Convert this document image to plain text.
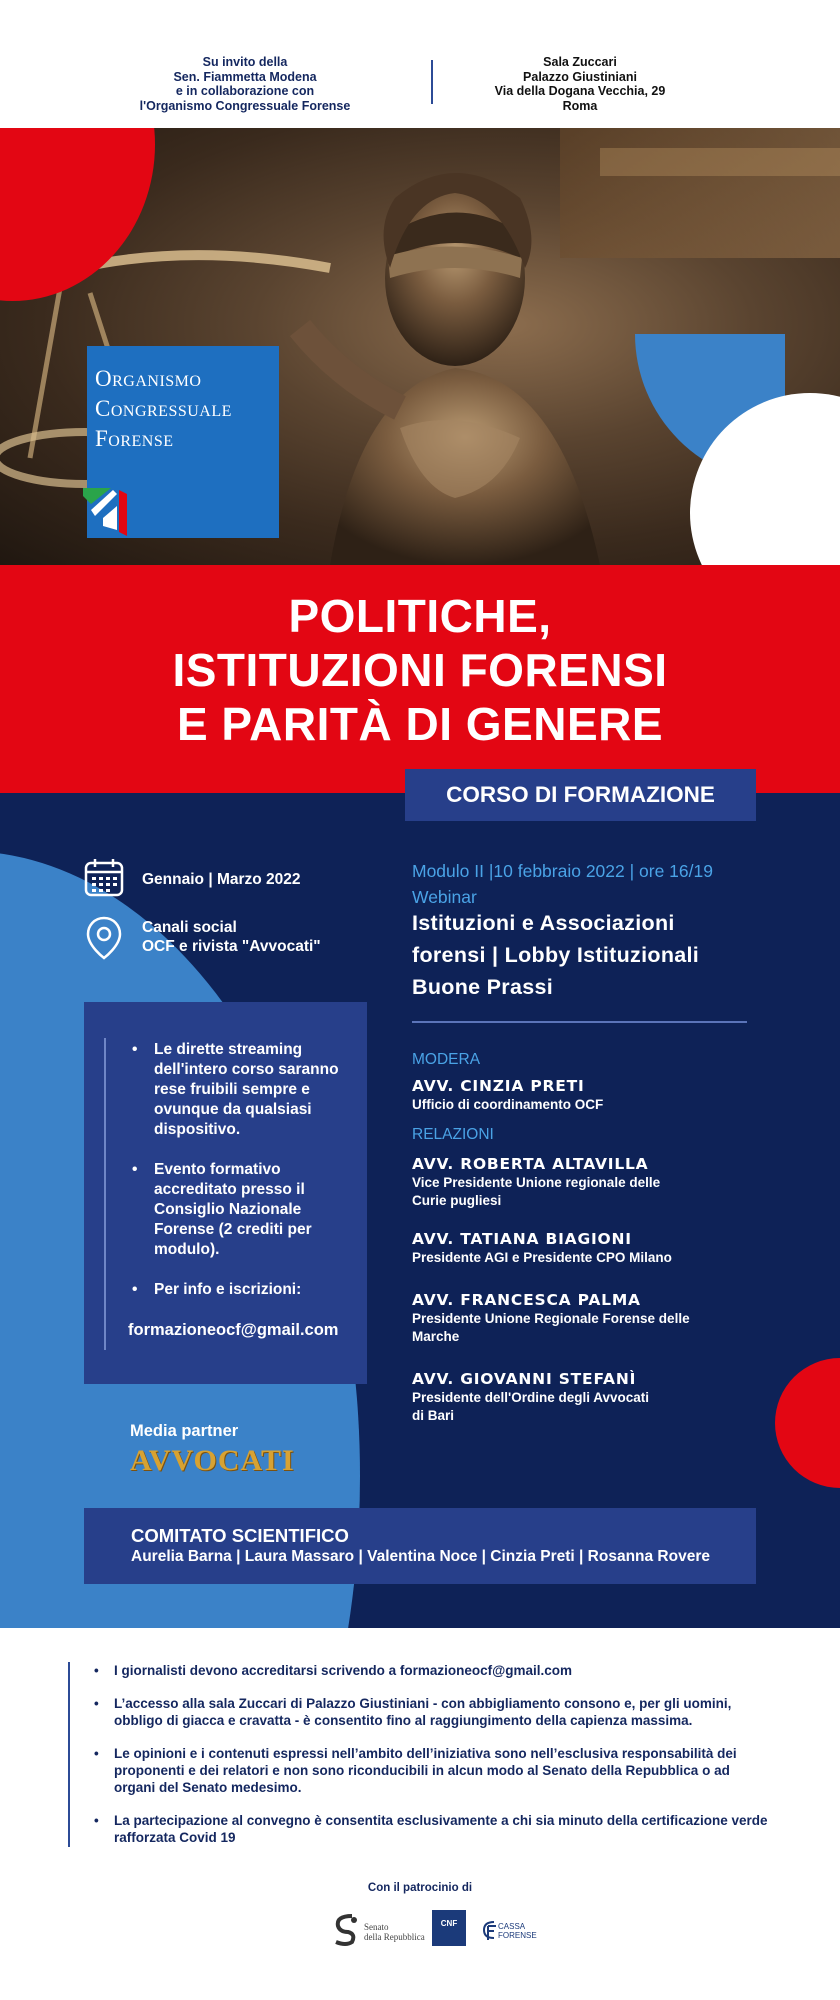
Su invito della
Sen. Fiammetta Modena
e in collaborazione con
l'Organismo Congressuale Forense
Sala Zuccari
Palazzo Giustiniani
Via della Dogana Vecchia, 29
Roma
Organismo
Congressuale
Forense
POLITICHE,
ISTITUZIONI FORENSI
E PARITÀ DI GENERE
CORSO DI FORMAZIONE
Gennaio | Marzo 2022
Canali social
OCF e rivista "Avvocati"
• Le dirette streaming dell'intero corso saranno rese fruibili sempre e ovunque da qualsiasi dispositivo.
• Evento formativo accreditato presso il Consiglio Nazionale Forense (2 crediti per modulo).
• Per info e iscrizioni:
formazioneocf@gmail.com
Media partner
AVVOCATI
Modulo II |10 febbraio 2022 | ore 16/19
Webinar
Istituzioni e Associazioni
forensi | Lobby Istituzionali
Buone Prassi
MODERA
AVV. CINZIA PRETI
Ufficio di coordinamento OCF
RELAZIONI
AVV. ROBERTA ALTAVILLA
Vice Presidente Unione regionale delle
Curie pugliesi
AVV. TATIANA BIAGIONI
Presidente AGI e Presidente CPO Milano
AVV. FRANCESCA PALMA
Presidente Unione Regionale Forense delle
Marche
AVV. GIOVANNI STEFANÌ
Presidente dell'Ordine degli Avvocati
di Bari
COMITATO SCIENTIFICO
Aurelia Barna | Laura Massaro | Valentina Noce | Cinzia Preti | Rosanna Rovere
• I giornalisti devono accreditarsi scrivendo a formazioneocf@gmail.com
• L’accesso alla sala Zuccari di Palazzo Giustiniani - con abbigliamento consono e, per gli uomini, obbligo di giacca e cravatta - è consentito fino al raggiungimento della capienza massima.
• Le opinioni e i contenuti espressi nell’ambito dell’iniziativa sono nell’esclusiva responsabilità dei proponenti e dei relatori e non sono riconducibili in alcun modo al Senato della Repubblica o ad organi del Senato medesimo.
• La partecipazione al convegno è consentita esclusivamente a chi sia minuto della certificazione verde rafforzata Covid 19
Con il patrocinio di
Senato
della Repubblica
CNF	CASSA
FORENSE
